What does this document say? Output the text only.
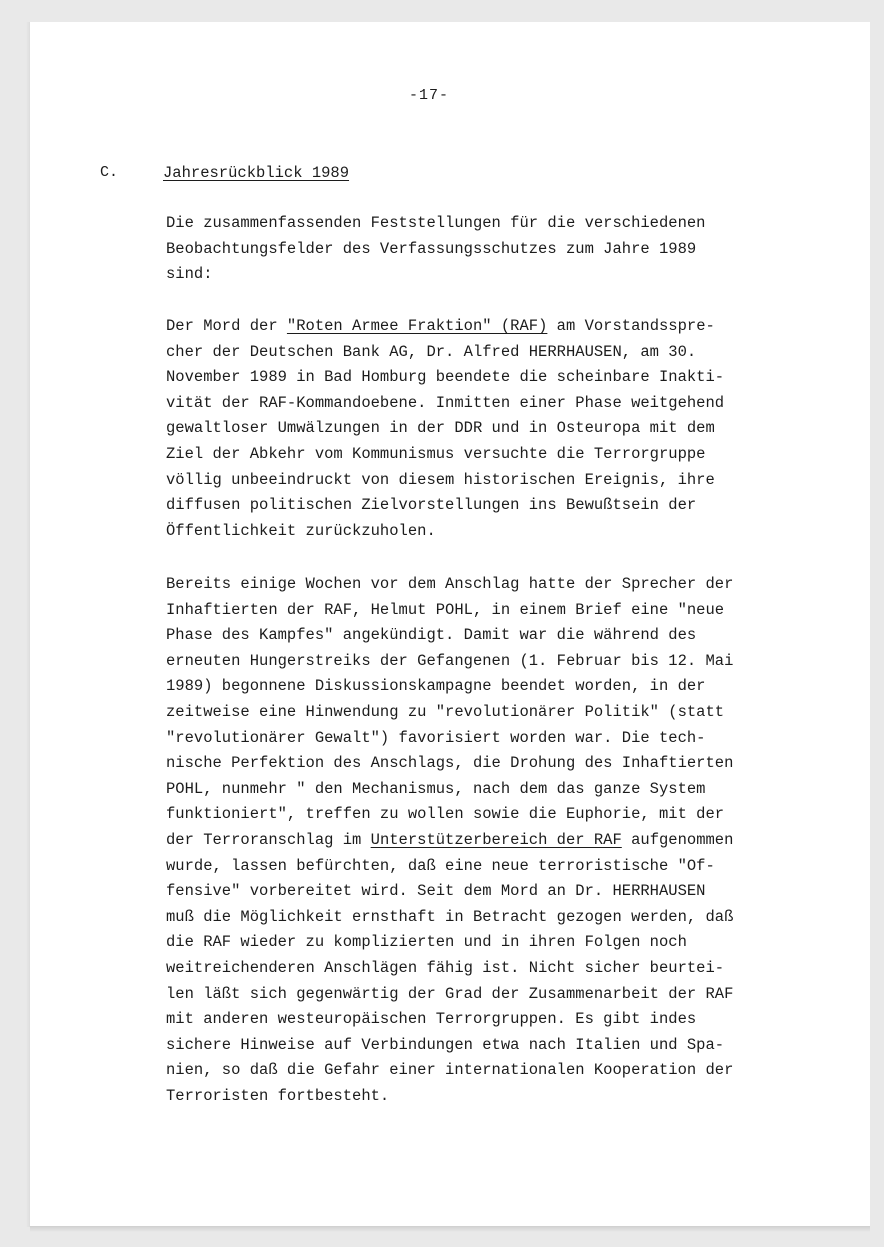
-17-
C.	Jahresrückblick 1989
Die zusammenfassenden Feststellungen für die verschiedenen
Beobachtungsfelder des Verfassungsschutzes zum Jahre 1989
sind:
Der Mord der "Roten Armee Fraktion" (RAF) am Vorstandsspre-
cher der Deutschen Bank AG, Dr. Alfred HERRHAUSEN, am 30.
November 1989 in Bad Homburg beendete die scheinbare Inakti-
vität der RAF-Kommandoebene. Inmitten einer Phase weitgehend
gewaltloser Umwälzungen in der DDR und in Osteuropa mit dem
Ziel der Abkehr vom Kommunismus versuchte die Terrorgruppe
völlig unbeeindruckt von diesem historischen Ereignis, ihre
diffusen politischen Zielvorstellungen ins Bewußtsein der
Öffentlichkeit zurückzuholen.
Bereits einige Wochen vor dem Anschlag hatte der Sprecher der
Inhaftierten der RAF, Helmut POHL, in einem Brief eine "neue
Phase des Kampfes" angekündigt. Damit war die während des
erneuten Hungerstreiks der Gefangenen (1. Februar bis 12. Mai
1989) begonnene Diskussionskampagne beendet worden, in der
zeitweise eine Hinwendung zu "revolutionärer Politik" (statt
"revolutionärer Gewalt") favorisiert worden war. Die tech-
nische Perfektion des Anschlags, die Drohung des Inhaftierten
POHL, nunmehr " den Mechanismus, nach dem das ganze System
funktioniert", treffen zu wollen sowie die Euphorie, mit der
der Terroranschlag im Unterstützerbereich der RAF aufgenommen
wurde, lassen befürchten, daß eine neue terroristische "Of-
fensive" vorbereitet wird. Seit dem Mord an Dr. HERRHAUSEN
muß die Möglichkeit ernsthaft in Betracht gezogen werden, daß
die RAF wieder zu komplizierten und in ihren Folgen noch
weitreichenderen Anschlägen fähig ist. Nicht sicher beurtei-
len läßt sich gegenwärtig der Grad der Zusammenarbeit der RAF
mit anderen westeuropäischen Terrorgruppen. Es gibt indes
sichere Hinweise auf Verbindungen etwa nach Italien und Spa-
nien, so daß die Gefahr einer internationalen Kooperation der
Terroristen fortbesteht.
